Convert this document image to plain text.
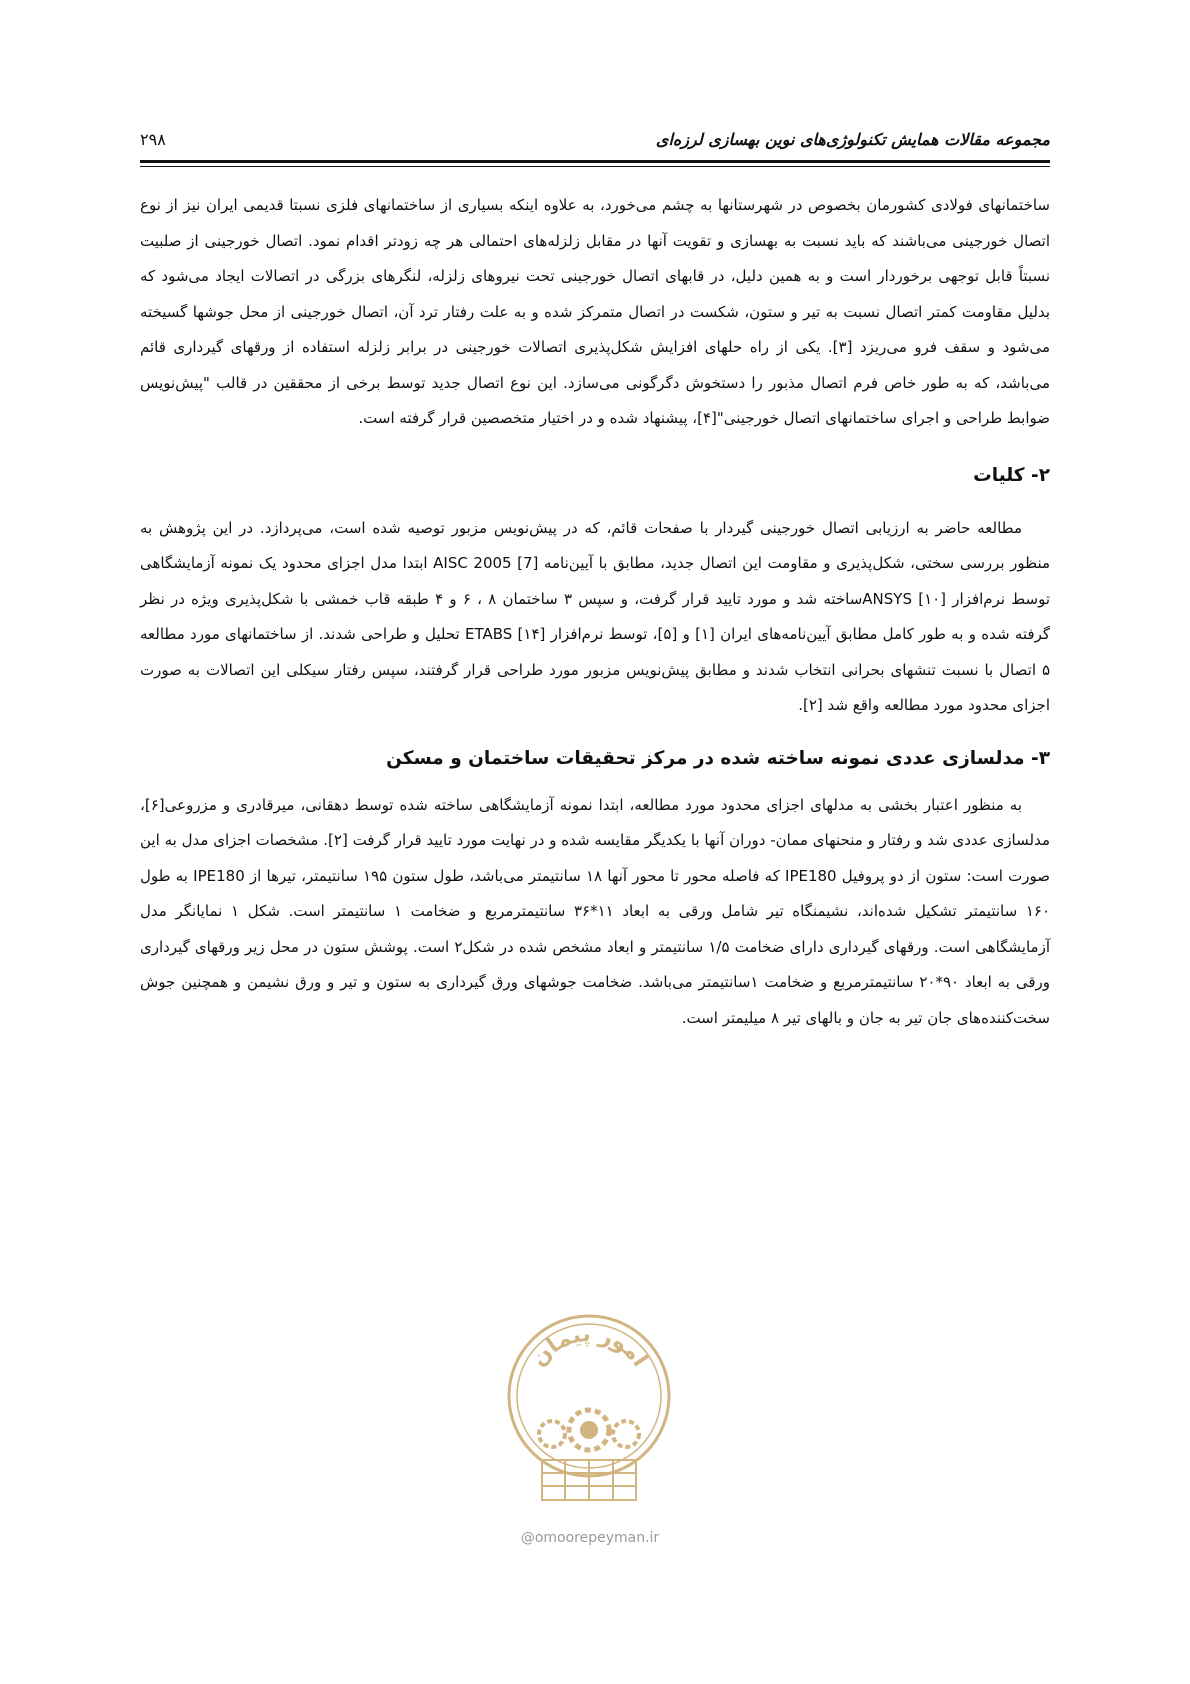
مجموعه مقالات همایش تکنولوژی‌های نوین بهسازی لرزه‌ای
۲۹۸

ساختمانهای فولادی کشورمان بخصوص در شهرستانها به چشم می‌خورد، به علاوه اینکه بسیاری از ساختمانهای فلزی نسبتا قدیمی ایران نیز از نوع اتصال خورجینی می‌باشند که باید نسبت به بهسازی و تقویت آنها در مقابل زلزله‌های احتمالی هر چه زودتر اقدام نمود. اتصال خورجینی از صلبیت نسبتاً قابل توجهی برخوردار است و به همین دلیل، در قابهای اتصال خورجینی تحت نیروهای زلزله، لنگرهای بزرگی در اتصالات ایجاد می‌شود که بدلیل مقاومت کمتر اتصال نسبت به تیر و ستون، شکست در اتصال متمرکز شده و به علت رفتار ترد آن، اتصال خورجینی از محل جوشها گسیخته می‌شود و سقف فرو می‌ریزد [۳]. یکی از راه حلهای افزایش شکل‌پذیری اتصالات خورجینی در برابر زلزله استفاده از ورقهای گیرداری قائم می‌باشد، که به طور خاص فرم اتصال مذبور را دستخوش دگرگونی می‌سازد. این نوع اتصال جدید توسط برخی از محققین در قالب "پیش‌نویس ضوابط طراحی و اجرای ساختمانهای اتصال خورجینی"[۴]، پیشنهاد شده و در اختیار متخصصین قرار گرفته است.

۲- کلیات

مطالعه حاضر به ارزیابی اتصال خورجینی گیردار با صفحات قائم، که در پیش‌نویس مزبور توصیه شده است، می‌پردازد. در این پژوهش به منظور بررسی سختی، شکل‌پذیری و مقاومت این اتصال جدید، مطابق با آیین‌نامه AISC 2005 [7] ابتدا مدل اجزای محدود یک نمونه آزمایشگاهی توسط نرم‌افزار ANSYS [۱۰]ساخته شد و مورد تایید قرار گرفت، و سپس ۳ ساختمان ۸ ، ۶ و ۴ طبقه قاب خمشی با شکل‌پذیری ویژه در نظر گرفته شده و به طور کامل مطابق آیین‌نامه‌های ایران [۱] و [۵]، توسط نرم‌افزار ETABS [۱۴] تحلیل و طراحی شدند. از ساختمانهای مورد مطالعه ۵ اتصال با نسبت تنشهای بحرانی انتخاب شدند و مطابق پیش‌نویس مزبور مورد طراحی قرار گرفتند، سپس رفتار سیکلی این اتصالات به صورت اجزای محدود مورد مطالعه واقع شد [۲].

۳- مدلسازی عددی نمونه ساخته شده در مرکز تحقیقات ساختمان و مسکن

به منظور اعتبار بخشی به مدلهای اجزای محدود مورد مطالعه، ابتدا نمونه آزمایشگاهی ساخته شده توسط دهقانی، میرقادری و مزروعی[۶]، مدلسازی عددی شد و رفتار و منحنهای ممان- دوران آنها با یکدیگر مقایسه شده و در نهایت مورد تایید قرار گرفت [۲]. مشخصات اجزای مدل به این صورت است: ستون از دو پروفیل IPE180 که فاصله محور تا محور آنها ۱۸ سانتیمتر می‌باشد، طول ستون ۱۹۵ سانتیمتر، تیرها از IPE180 به طول ۱۶۰ سانتیمتر تشکیل شده‌اند، نشیمنگاه تیر شامل ورقی به ابعاد ۱۱*۳۶ سانتیمترمربع و ضخامت ۱ سانتیمتر است. شکل ۱ نمایانگر مدل آزمایشگاهی است. ورقهای گیرداری دارای ضخامت ۱/۵ سانتیمتر و ابعاد مشخص شده در شکل۲ است. پوشش ستون در محل زیر ورقهای گیرداری ورقی به ابعاد ۹۰*۲۰ سانتیمترمربع و ضخامت ۱سانتیمتر می‌باشد. ضخامت جوشهای ورق گیرداری به ستون و تیر و ورق نشیمن و همچنین جوش سخت‌کننده‌های جان تیر به جان و بالهای تیر ۸ میلیمتر است.

امور پیمان
@omoorepeyman.ir
